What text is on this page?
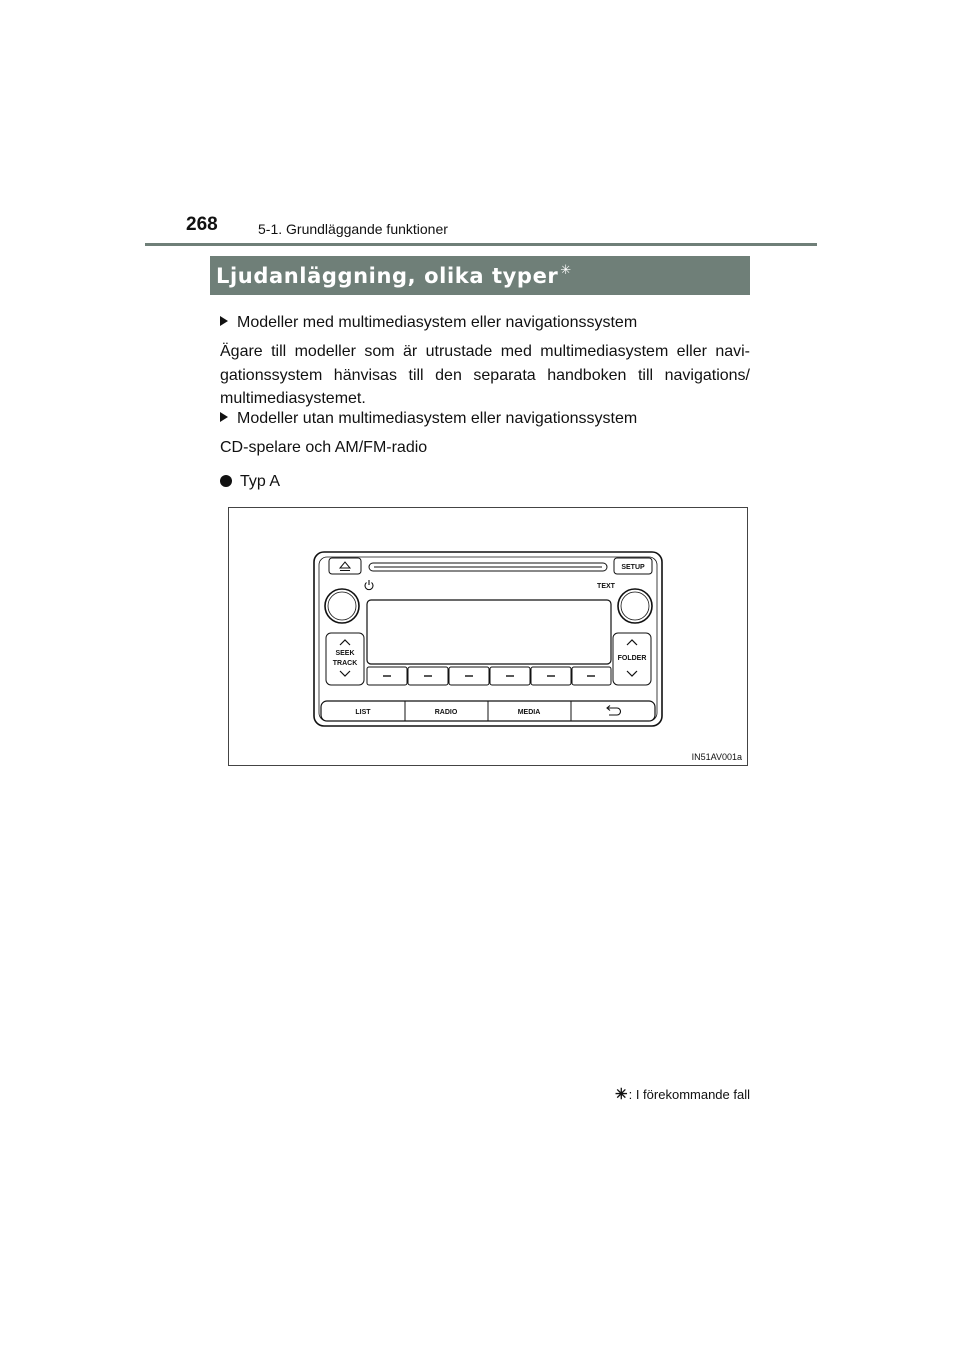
268	5-1. Grundläggande funktioner
Ljudanläggning, olika typer ✳
Modeller med multimediasystem eller navigationssystem
Ägare till modeller som är utrustade med multimediasystem eller navigationssystem hänvisas till den separata handboken till navigations/ multimediasystemet.
Modeller utan multimediasystem eller navigationssystem
CD-spelare och AM/FM-radio
Typ A
SETUP
TEXT
SEEK
TRACK
FOLDER
LIST	RADIO	MEDIA
IN51AV001a
✳: I förekommande fall
